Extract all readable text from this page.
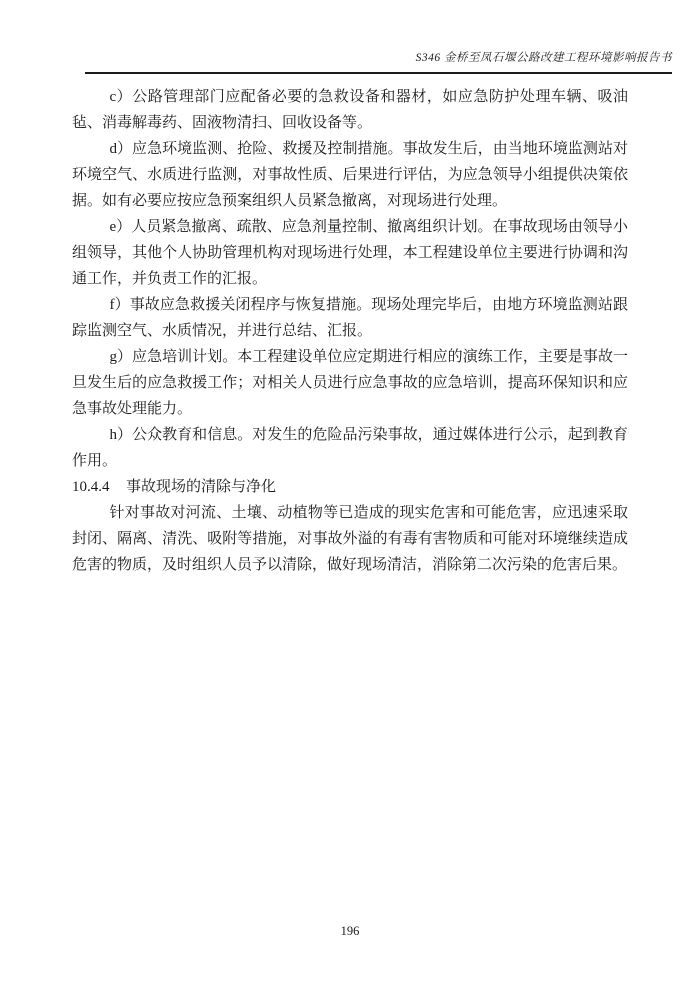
S346 金桥至凤石堰公路改建工程环境影响报告书

c）公路管理部门应配备必要的急救设备和器材，如应急防护处理车辆、吸油毡、消毒解毒药、固液物清扫、回收设备等。

d）应急环境监测、抢险、救援及控制措施。事故发生后，由当地环境监测站对环境空气、水质进行监测，对事故性质、后果进行评估，为应急领导小组提供决策依据。如有必要应按应急预案组织人员紧急撤离，对现场进行处理。

e）人员紧急撤离、疏散、应急剂量控制、撤离组织计划。在事故现场由领导小组领导，其他个人协助管理机构对现场进行处理，本工程建设单位主要进行协调和沟通工作，并负责工作的汇报。

f）事故应急救援关闭程序与恢复措施。现场处理完毕后，由地方环境监测站跟踪监测空气、水质情况，并进行总结、汇报。

g）应急培训计划。本工程建设单位应定期进行相应的演练工作，主要是事故一旦发生后的应急救援工作；对相关人员进行应急事故的应急培训，提高环保知识和应急事故处理能力。

h）公众教育和信息。对发生的危险品污染事故，通过媒体进行公示，起到教育作用。

10.4.4 事故现场的清除与净化

针对事故对河流、土壤、动植物等已造成的现实危害和可能危害，应迅速采取封闭、隔离、清洗、吸附等措施，对事故外溢的有毒有害物质和可能对环境继续造成危害的物质，及时组织人员予以清除，做好现场清洁，消除第二次污染的危害后果。

196
